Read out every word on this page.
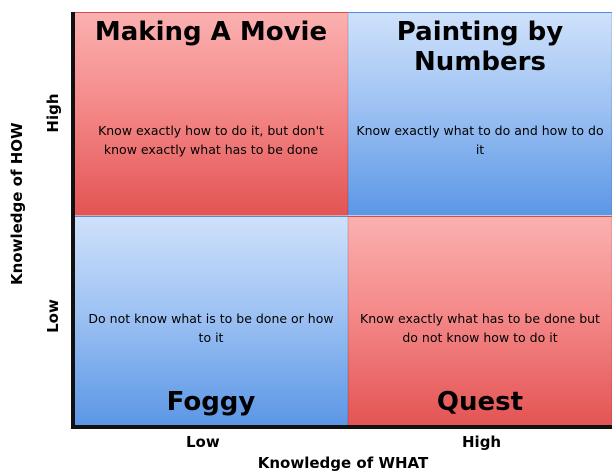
Making A Movie
Know exactly how to do it, but don't know exactly what has to be done
Painting by Numbers
Know exactly what to do and how to do it
Do not know what is to be done or how to it
Foggy
Know exactly what has to be done but do not know how to do it
Quest
Low	High
Knowledge of WHAT
High
Low
Knowledge of HOW
